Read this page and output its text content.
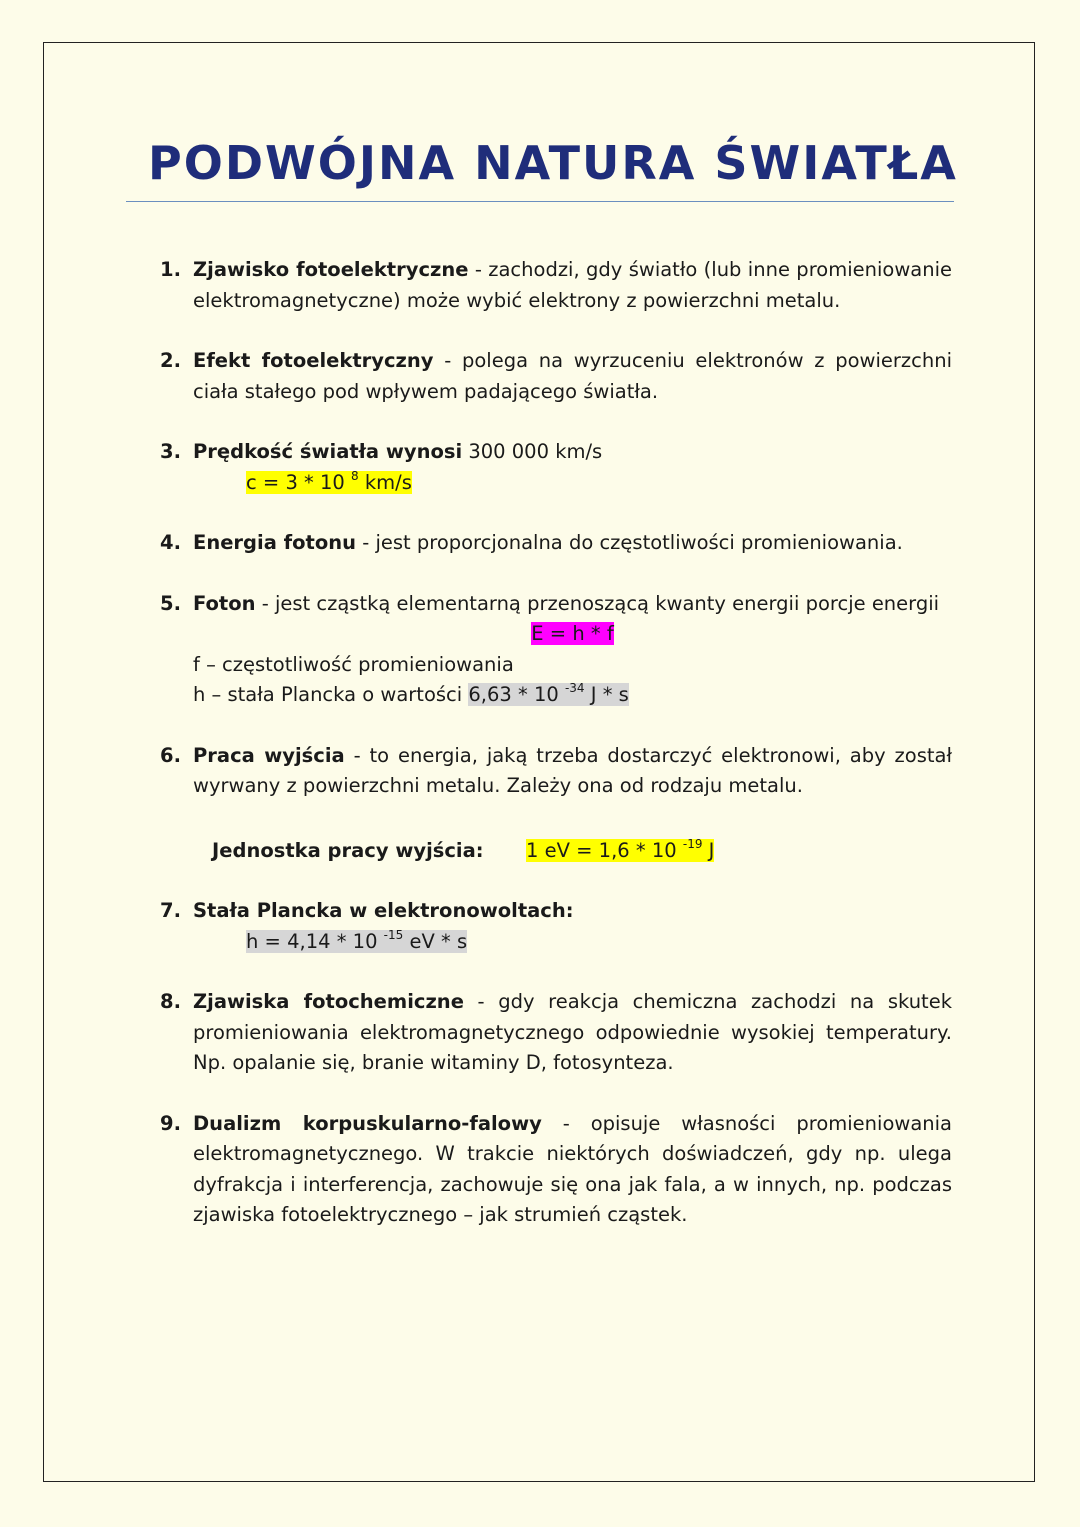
PODWÓJNA NATURA ŚWIATŁA
1. Zjawisko fotoelektryczne - zachodzi, gdy światło (lub inne promieniowanie elektromagnetyczne) może wybić elektrony z powierzchni metalu.

2. Efekt fotoelektryczny - polega na wyrzuceniu elektronów z powierzchni ciała stałego pod wpływem padającego światła.

3. Prędkość światła wynosi 300 000 km/s

c = 3 * 10 $^8$ km/s
4. Energia fotonu - jest proporcjonalna do częstotliwości promieniowania.

5. Foton - jest cząstką elementarną przenoszącą kwanty energii porcje energii

E = h * f
f – częstotliwość promieniowania
h – stała Plancka o wartości 6,63 * 10 $^{-34}$ J * s
6. Praca wyjścia - to energia, jaką trzeba dostarczyć elektronowi, aby został wyrwany z powierzchni metalu. Zależy ona od rodzaju metalu.

Jednostka pracy wyjścia: 1 eV = 1,6 * 10 $^{-19}$ J
7. Stała Plancka w elektronowoltach:

h = 4,14 * 10 $^{-15}$ eV * s
8. Zjawiska fotochemiczne - gdy reakcja chemiczna zachodzi na skutek promieniowania elektromagnetycznego odpowiednie wysokiej temperatury. Np. opalanie się, branie witaminy D, fotosynteza.

9. Dualizm korpuskularno-falowy - opisuje własności promieniowania elektromagnetycznego. W trakcie niektórych doświadczeń, gdy np. ulega dyfrakcja i interferencja, zachowuje się ona jak fala, a w innych, np. podczas zjawiska fotoelektrycznego – jak strumień cząstek.
